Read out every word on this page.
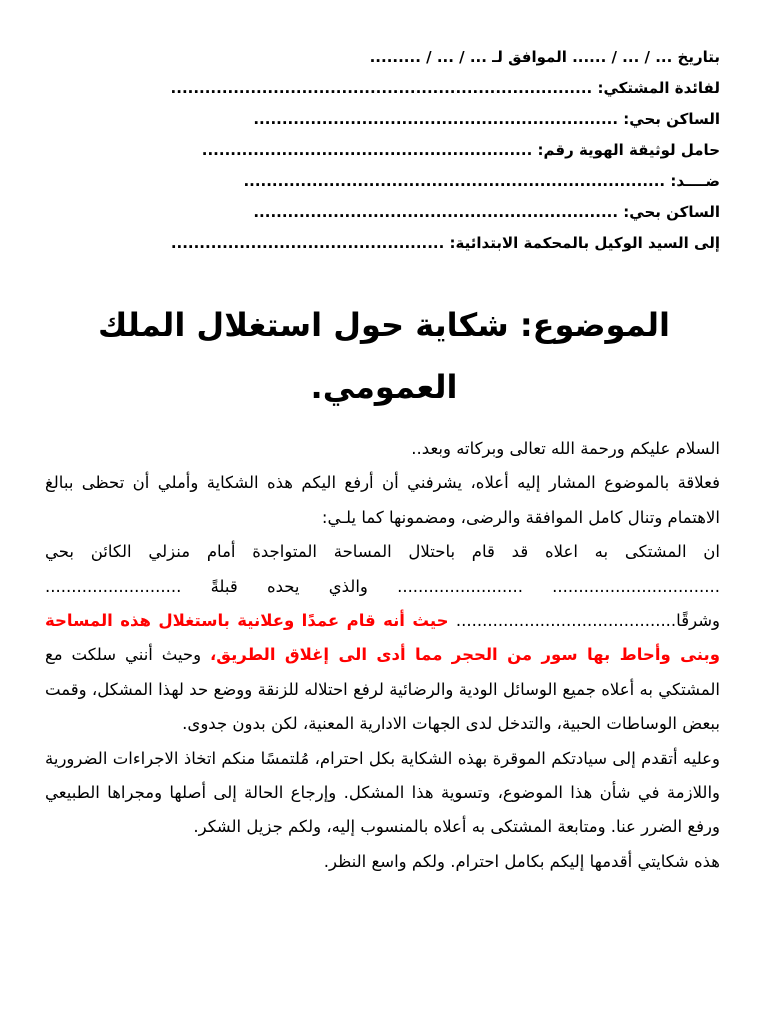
بتاريخ ... / ... / ...... الموافق لـ ... / ... / .........
لفائدة المشتكي: ..........................................................................
الساكن بحي: ................................................................
حامل لوثيقة الهوية رقم: ..........................................................
ضــــد: ..........................................................................
الساكن بحي: ................................................................
إلى السيد الوكيل بالمحكمة الابتدائية: ................................................
الموضوع: شكاية حول استغلال الملك العمومي.

السلام عليكم ورحمة الله تعالى وبركاته وبعد..

فعلاقة بالموضوع المشار إليه أعلاه، يشرفني أن أرفع اليكم هذه الشكاية وأملي أن تحظى ببالغ الاهتمام وتنال كامل الموافقة والرضى، ومضمونها كما يلـي:

ان المشتكى به اعلاه قد قام باحتلال المساحة المتواجدة أمام منزلي الكائن بحي ................................ ........................ والذي يحده قبلةً .......................... وشرقًا.......................................... حيث أنه قام عمدًا وعلانية باستغلال هذه المساحة وبنى وأحاط بها سور من الحجر مما أدى الى إغلاق الطريق، وحيث أنني سلكت مع المشتكي به أعلاه جميع الوسائل الودية والرضائية لرفع احتلاله للزنقة ووضع حد لهذا المشكل، وقمت ببعض الوساطات الحبية، والتدخل لدى الجهات الادارية المعنية، لكن بدون جدوى.

وعليه أتقدم إلى سيادتكم الموقرة بهذه الشكاية بكل احترام، مُلتمسًا منكم اتخاذ الاجراءات الضرورية واللازمة في شأن هذا الموضوع، وتسوية هذا المشكل. وإرجاع الحالة إلى أصلها ومجراها الطبيعي ورفع الضرر عنا. ومتابعة المشتكى به أعلاه بالمنسوب إليه، ولكم جزيل الشكر.

هذه شكايتي أقدمها إليكم بكامل احترام. ولكم واسع النظر.
